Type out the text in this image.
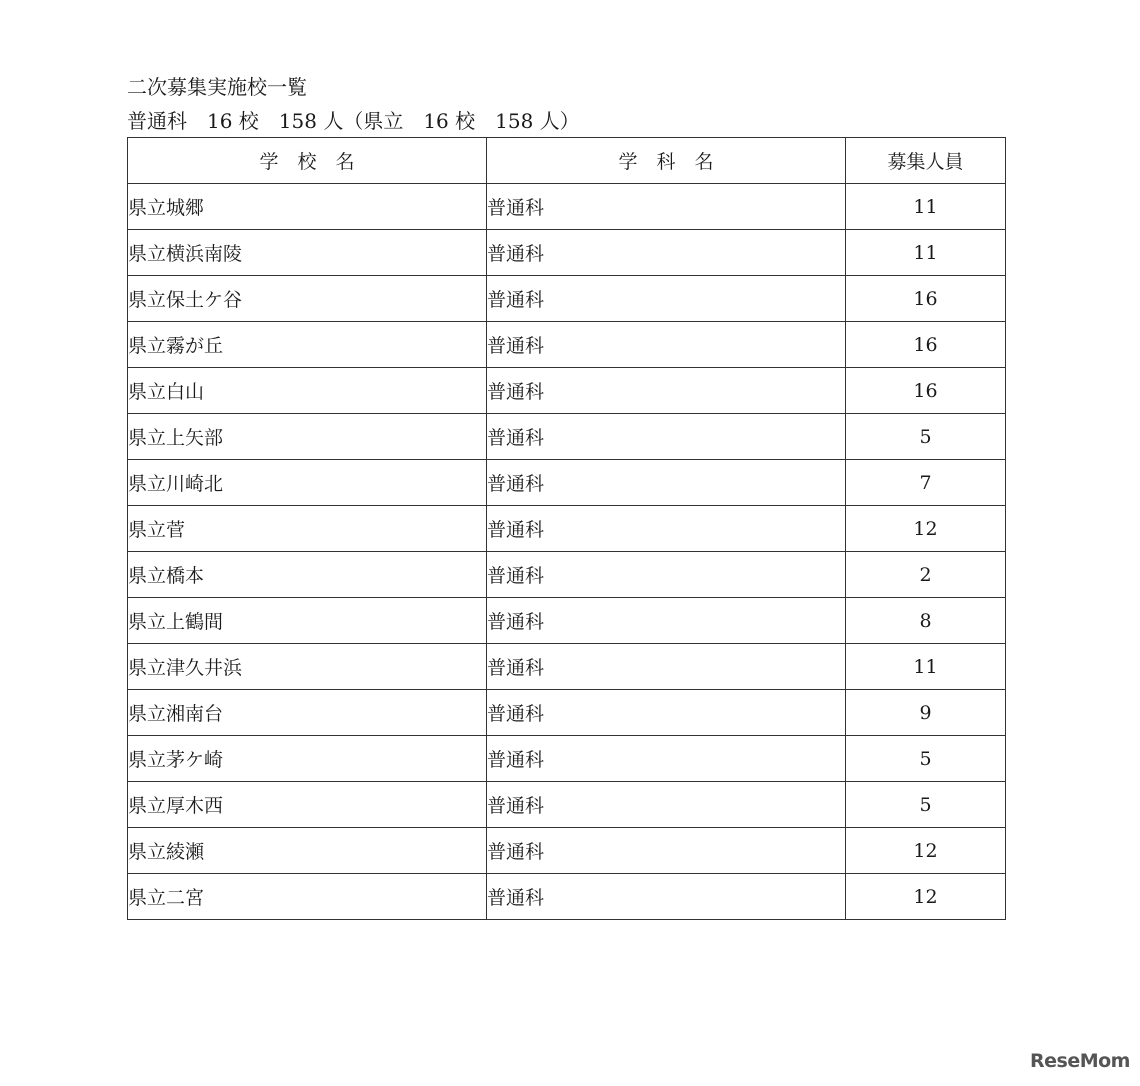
二次募集実施校一覧
普通科　16 校　158 人（県立　16 校　158 人）
学　校　名	学　科　名	募集人員
県立城郷	普通科	11
県立横浜南陵	普通科	11
県立保土ケ谷	普通科	16
県立霧が丘	普通科	16
県立白山	普通科	16
県立上矢部	普通科	5
県立川崎北	普通科	7
県立菅	普通科	12
県立橋本	普通科	2
県立上鶴間	普通科	8
県立津久井浜	普通科	11
県立湘南台	普通科	9
県立茅ケ崎	普通科	5
県立厚木西	普通科	5
県立綾瀬	普通科	12
県立二宮	普通科	12
ReseMom
